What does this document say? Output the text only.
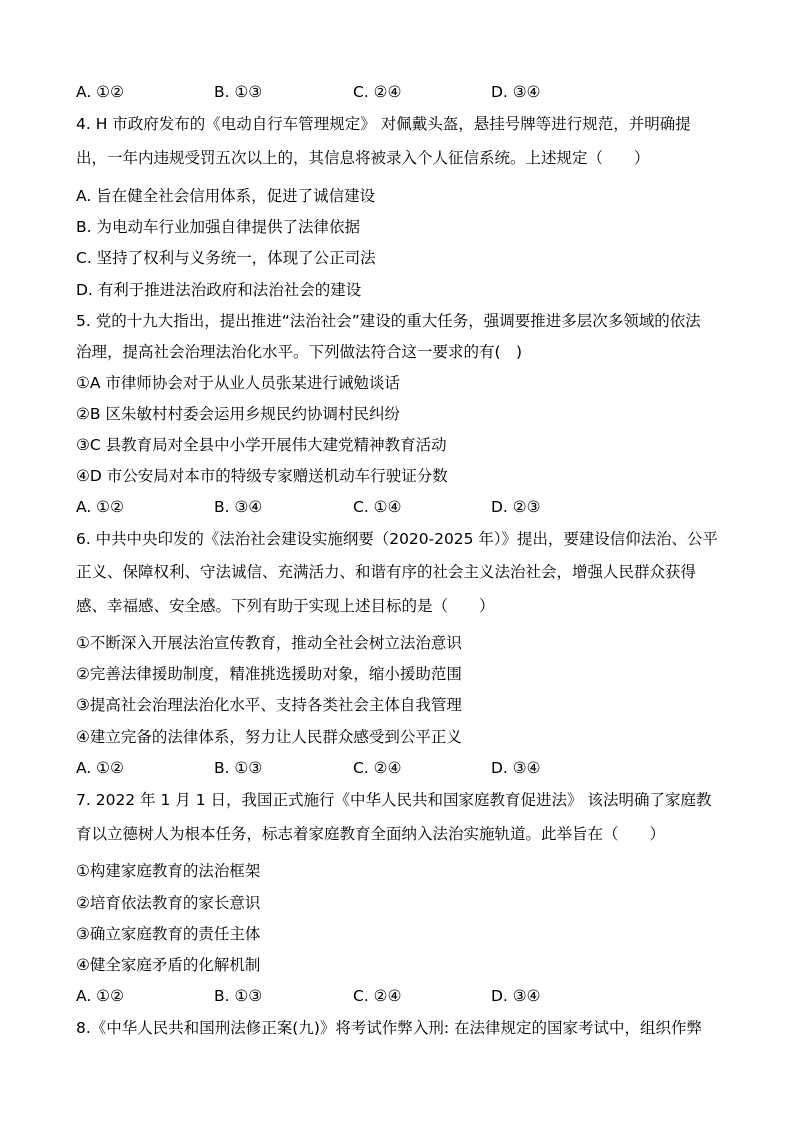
A. ①②	B. ①③	C. ②④	D. ③④
4. H 市政府发布的《电动自行车管理规定》 对佩戴头盔，悬挂号牌等进行规范，并明确提
出，一年内违规受罚五次以上的，其信息将被录入个人征信系统。上述规定（　　）
A. 旨在健全社会信用体系，促进了诚信建设
B. 为电动车行业加强自律提供了法律依据
C. 坚持了权利与义务统一，体现了公正司法
D. 有利于推进法治政府和法治社会的建设
5. 党的十九大指出，提出推进“法治社会”建设的重大任务，强调要推进多层次多领域的依法
治理，提高社会治理法治化水平。下列做法符合这一要求的有(　)
①A 市律师协会对于从业人员张某进行诫勉谈话
②B 区朱敏村村委会运用乡规民约协调村民纠纷
③C 县教育局对全县中小学开展伟大建党精神教育活动
④D 市公安局对本市的特级专家赠送机动车行驶证分数
A. ①②	B. ③④	C. ①④	D. ②③
6. 中共中央印发的《法治社会建设实施纲要（2020-2025 年）》提出，要建设信仰法治、公平
正义、保障权利、守法诚信、充满活力、和谐有序的社会主义法治社会，增强人民群众获得
感、幸福感、安全感。下列有助于实现上述目标的是（　　）
①不断深入开展法治宣传教育，推动全社会树立法治意识
②完善法律援助制度，精准挑选援助对象，缩小援助范围
③提高社会治理法治化水平、支持各类社会主体自我管理
④建立完备的法律体系，努力让人民群众感受到公平正义
A. ①②	B. ①③	C. ②④	D. ③④
7. 2022 年 1 月 1 日，我国正式施行《中华人民共和国家庭教育促进法》 该法明确了家庭教
育以立德树人为根本任务，标志着家庭教育全面纳入法治实施轨道。此举旨在（　　）
①构建家庭教育的法治框架
②培育依法教育的家长意识
③确立家庭教育的责任主体
④健全家庭矛盾的化解机制
A. ①②	B. ①③	C. ②④	D. ③④
8.《中华人民共和国刑法修正案(九)》将考试作弊入刑: 在法律规定的国家考试中，组织作弊
